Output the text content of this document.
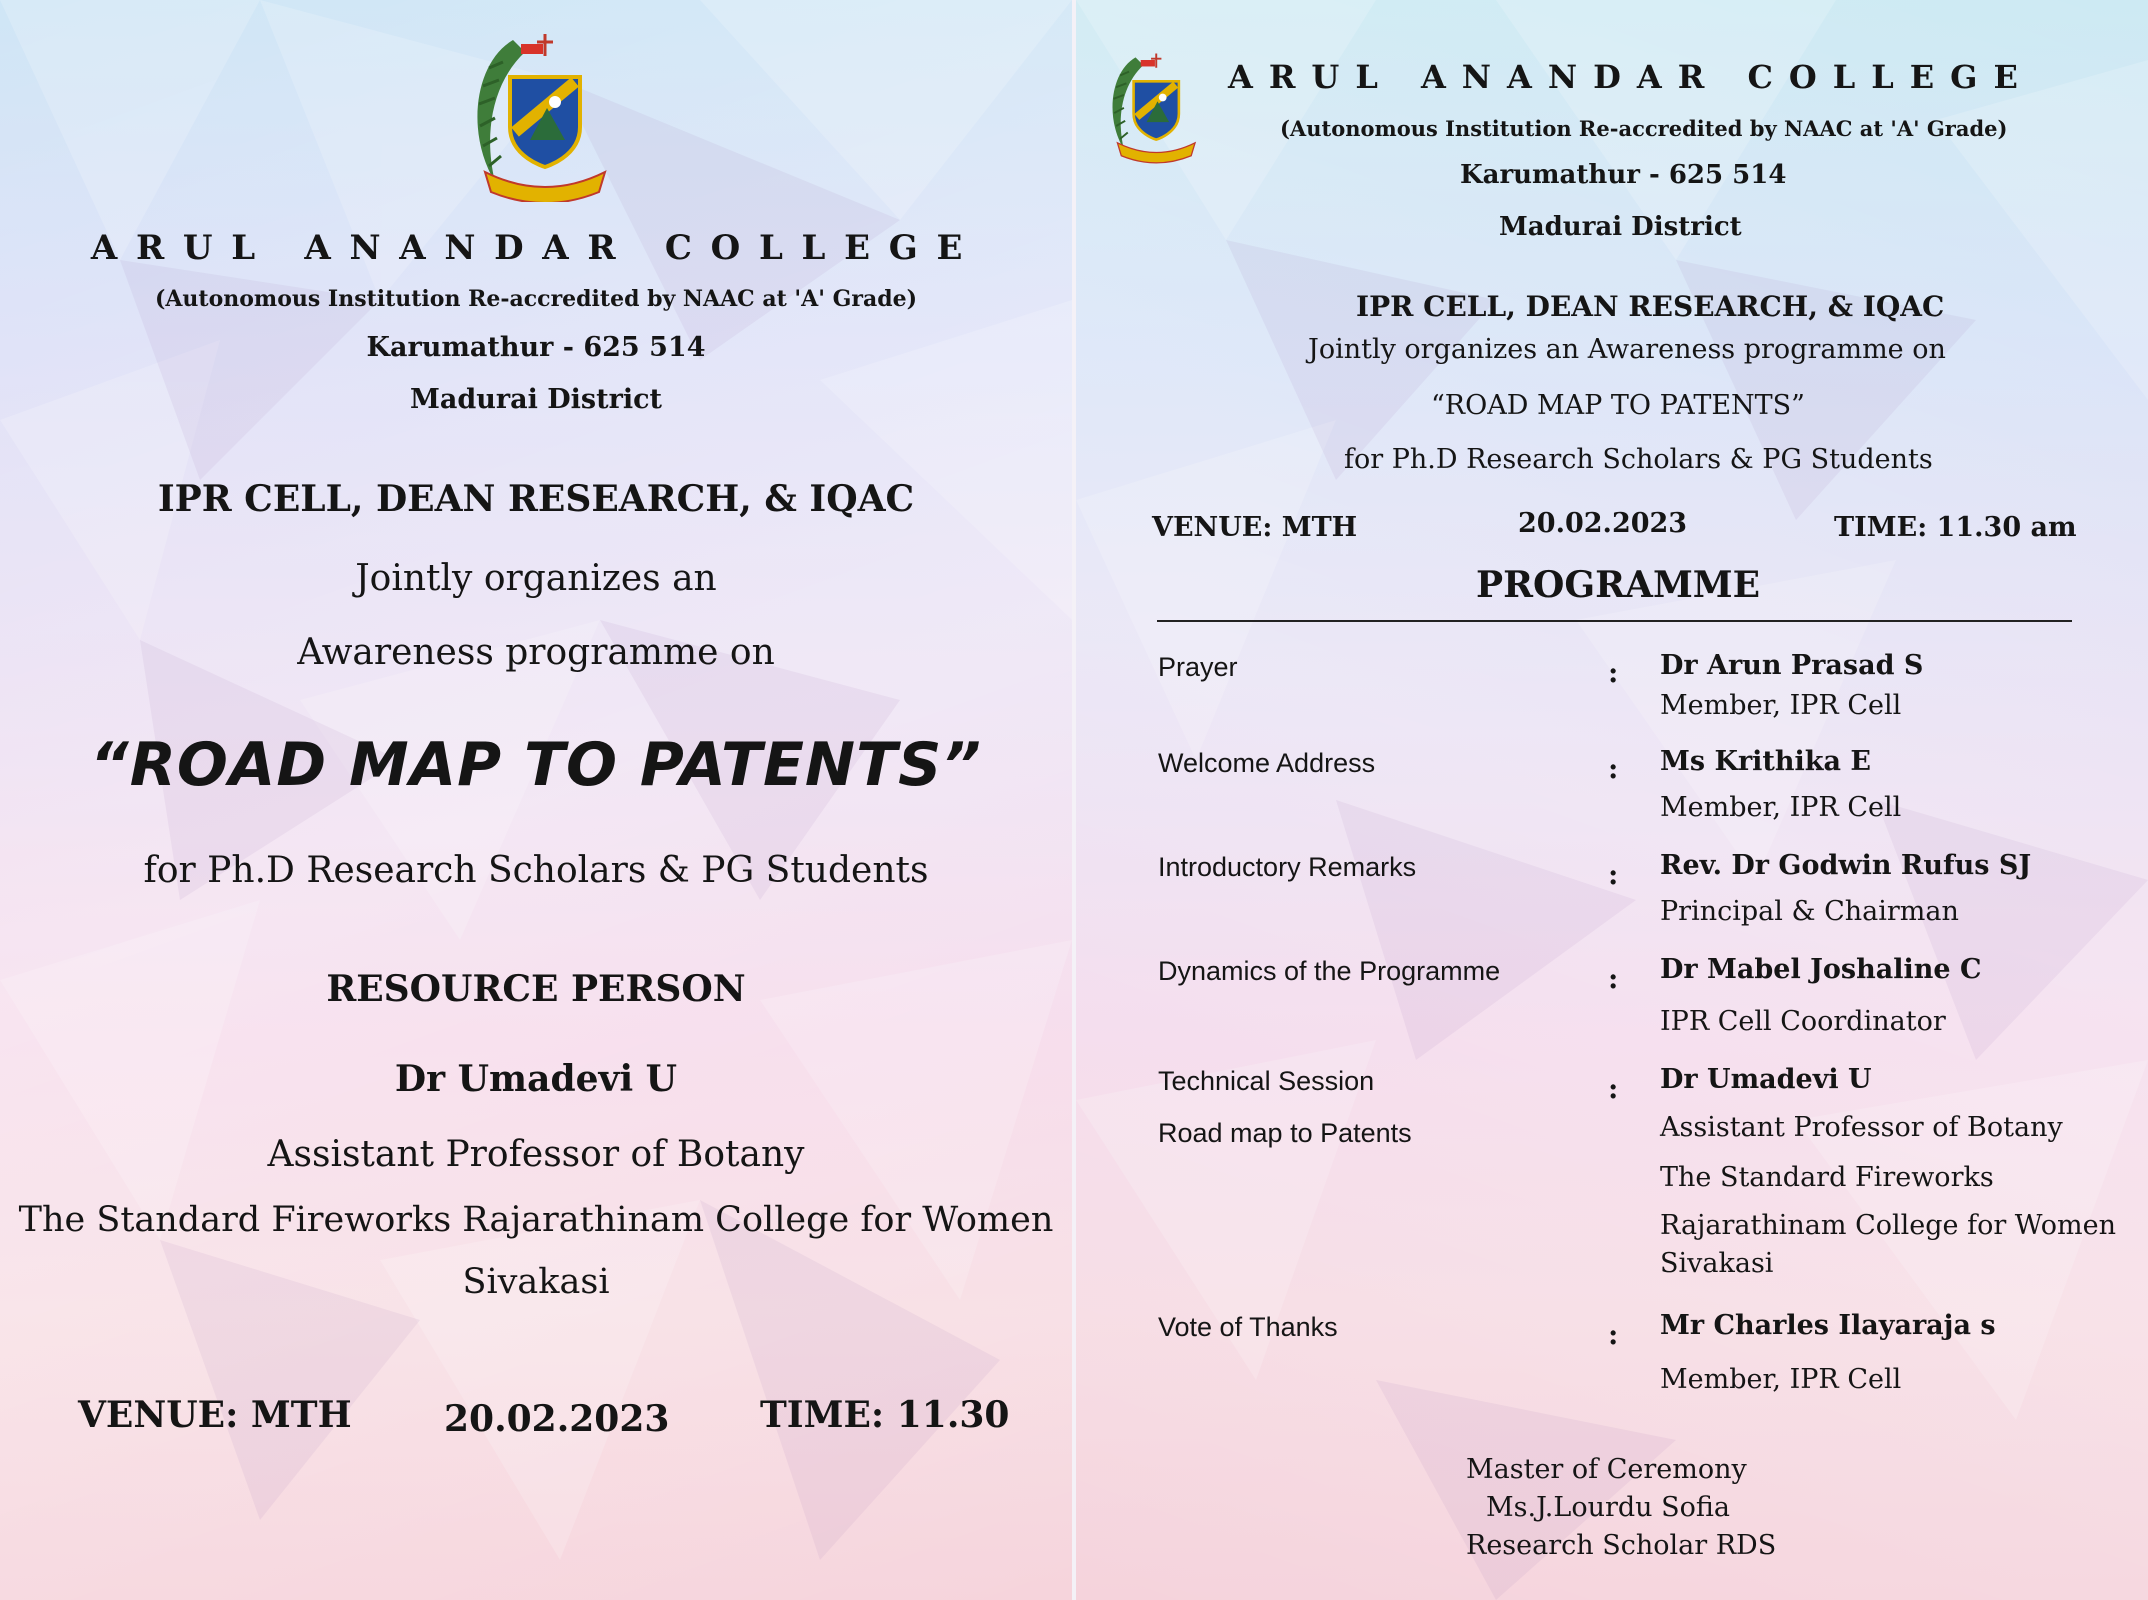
ARUL ANANDAR COLLEGE
(Autonomous Institution Re-accredited by NAAC at 'A' Grade)
Karumathur - 625 514
Madurai District
IPR CELL, DEAN RESEARCH, & IQAC
Jointly organizes an
Awareness programme on
“ROAD MAP TO PATENTS”
for Ph.D Research Scholars & PG Students
RESOURCE PERSON
Dr Umadevi U
Assistant Professor of Botany
The Standard Fireworks Rajarathinam College for Women
Sivakasi
VENUE: MTH	20.02.2023	TIME: 11.30
ARUL ANANDAR COLLEGE
(Autonomous Institution Re-accredited by NAAC at 'A' Grade)
Karumathur - 625 514
Madurai District
IPR CELL, DEAN RESEARCH, & IQAC
Jointly organizes an Awareness programme on
“ROAD MAP TO PATENTS”
for Ph.D Research Scholars & PG Students
VENUE: MTH	20.02.2023	TIME: 11.30 am
PROGRAMME
Prayer	: Dr Arun Prasad S
Member, IPR Cell
Welcome Address	: Ms Krithika E
Member, IPR Cell
Introductory Remarks	: Rev. Dr Godwin Rufus SJ
Principal & Chairman
Dynamics of the Programme	: Dr Mabel Joshaline C
IPR Cell Coordinator
Technical Session
Road map to Patents
: Dr Umadevi U
Assistant Professor of Botany
The Standard Fireworks
Rajarathinam College for Women
Sivakasi
Vote of Thanks	: Mr Charles Ilayaraja s
Member, IPR Cell
Master of Ceremony
Ms.J.Lourdu Sofia
Research Scholar RDS
